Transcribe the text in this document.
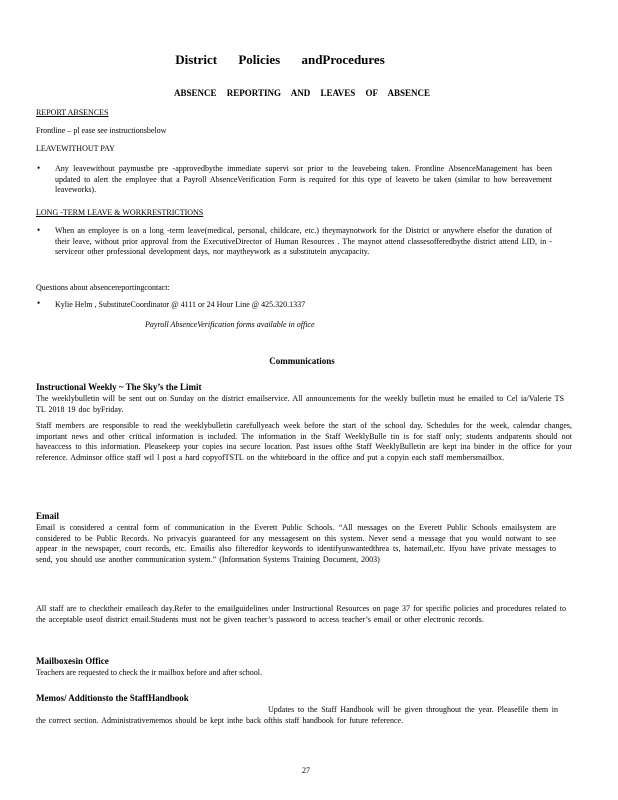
District Policies andProcedures
ABSENCE REPORTING AND LEAVES OF ABSENCE
REPORT ABSENCES
Frontline – pl ease see instructionsbelow
LEAVEWITHOUT PAY
• Any leavewithout paymustbe pre -approvedbythe immediate supervi sor prior to the leavebeing taken. Frontline AbsenceManagement has been updated to alert the employee that a Payroll AbsenceVerification Form is required for this type of leaveto be taken (similar to how bereavement leaveworks).
LONG -TERM LEAVE & WORKRESTRICTIONS
• When an employee is on a long -term leave(medical, personal, childcare, etc.) theymaynotwork for the District or anywhere elsefor the duration of their leave, without prior approval from the ExecutiveDirector of Human Resources . The maynot attend classesofferedbythe district attend LID, in -serviceor other professional development days, nor maytheywork as a substitutein anycapacity.
Questions about absencereportingcontact:
• Kylie Helm , SubstituteCoordinator @ 4111 or 24 Hour Line @ 425.320.1337
Payroll AbsenceVerification forms available in office
Communications
Instructional Weekly ~ The Sky’s the Limit
The weeklybulletin will be sent out on Sunday on the district emailservice. All announcements for the weekly bulletin must be emailed to Cel ia/Valerie TS TL 2018 19 doc byFriday.
Staff members are responsible to read the weeklybulletin carefullyeach week before the start of the school day. Schedules for the week, calendar changes, important news and other critical information is included. The information in the Staff WeeklyBulle tin is for staff only; students andparents should not haveaccess to this information. Pleasekeep your copies ina secure location. Past issues ofthe Staff WeeklyBulletin are kept ina binder in the office for your reference. Adminsor office staff wil l post a hard copyofTSTL on the whiteboard in the office and put a copyin each staff membersmailbox.
Email
Email is considered a central form of communication in the Everett Public Schools. “All messages on the Everett Public Schools emailsystem are considered to be Public Records. No privacyis guaranteed for any messagesent on this system. Never send a message that you would notwant to see appear in the newspaper, court records, etc. Emailis also filteredfor keywords to identifyunwantedthrea ts, hatemail,etc. Ifyou have private messages to send, you should use another communication system.” (Information Systems Training Document, 2003)
All staff are to checktheir emaileach day.Refer to the emailguidelines under Instructional Resources on page 37 for specific policies and procedures related to the acceptable useof district email.Students must not be given teacher’s password to access teacher’s email or other electronic records.
Mailboxesin Office
Teachers are requested to check the ir mailbox before and after school.
Memos/ Additionsto the StaffHandbook
Updates to the Staff Handbook will be given throughout the year. Pleasefile them in the correct section. Administrativememos should be kept inthe back ofthis staff handbook for future reference.
27
